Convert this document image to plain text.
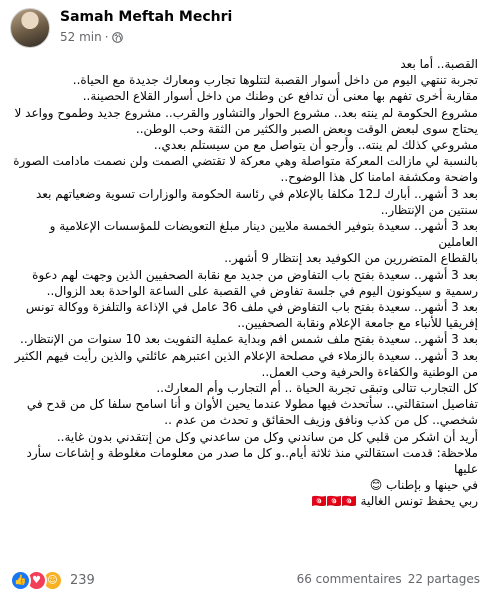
Samah Meftah Mechri
52 min ·

القصبة.. أما بعد

تجربة تنتهي اليوم من داخل أسوار القصبة لتتلوها تجارب ومعارك جديدة مع الحياة..

مقاربة أخرى تفهم بها معنى أن تدافع عن وطنك من داخل أسوار القلاع الحصينة..

مشروع الحكومة لم ينته بعد.. مشروع الحوار والتشاور والقرب.. مشروع جديد وطموح وواعد لا

يحتاج سوى لبعض الوقت وبعض الصبر والكثير من الثقة وحب الوطن..

مشروعي كذلك لم ينته.. وأرجو أن يتواصل مع من سيستلم بعدي..

بالنسبة لي مازالت المعركة متواصلة وهي معركة لا تقتضي الصمت ولن نصمت مادامت الصورة

واضحة ومكشفة امامنا كل هذا الوضوح..

بعد 3 أشهر.. أبارك لـ12 مكلفا بالإعلام في رئاسة الحكومة والوزارات تسوية وضعياتهم بعد

سنتين من الإنتظار..

بعد 3 أشهر.. سعيدة بتوفير الخمسة ملايين دينار مبلغ التعويضات للمؤسسات الإعلامية و العاملين

بالقطاع المتضررين من الكوفيد بعد إنتظار 9 أشهر..

بعد 3 أشهر.. سعيدة بفتح باب التفاوض من جديد مع نقابة الصحفيين الذين وجهت لهم دعوة

رسمية و سيكونون اليوم في جلسة تفاوض في القصبة على الساعة الواحدة بعد الزوال..

بعد 3 أشهر.. سعيدة بفتح باب التفاوض في ملف 36 عامل في الإذاعة والتلفزة ووكالة تونس

إفريقيا للأنباء مع جامعة الإعلام ونقابة الصحفيين..

بعد 3 أشهر.. سعيدة بفتح ملف شمس افم وبداية عملية التفويت بعد 10 سنوات من الإنتظار..

بعد 3 أشهر.. سعيدة بالزملاء في مصلحة الإعلام الذين اعتبرهم عائلتي والذين رأيت فيهم الكثير

من الوطنية والكفاءة والحرفية وحب العمل..

كل التجارب تتالى وتبقى تجربة الحياة .. أم التجارب وأم المعارك..

تفاصيل استقالتي.. سأتحدث فيها مطولا عندما يحين الأوان و أنا اسامح سلفا كل من قدح في

شخصي.. كل من كذب ونافق وزيف الحقائق و تحدث من عدم ..

أريد أن اشكر من قلبي كل من ساندني وكل من ساعدني وكل من إنتقدني بدون غاية..

ملاحظة: قدمت استقالتي منذ ثلاثة أيام..و كل ما صدر من معلومات مغلوطة و إشاعات سأرد عليها

في حينها و بإطناب 😊

ربي يحفظ تونس الغالية 🇹🇳🇹🇳🇹🇳

👍 ♥ ☺ 239	66 commentaires 22 partages
